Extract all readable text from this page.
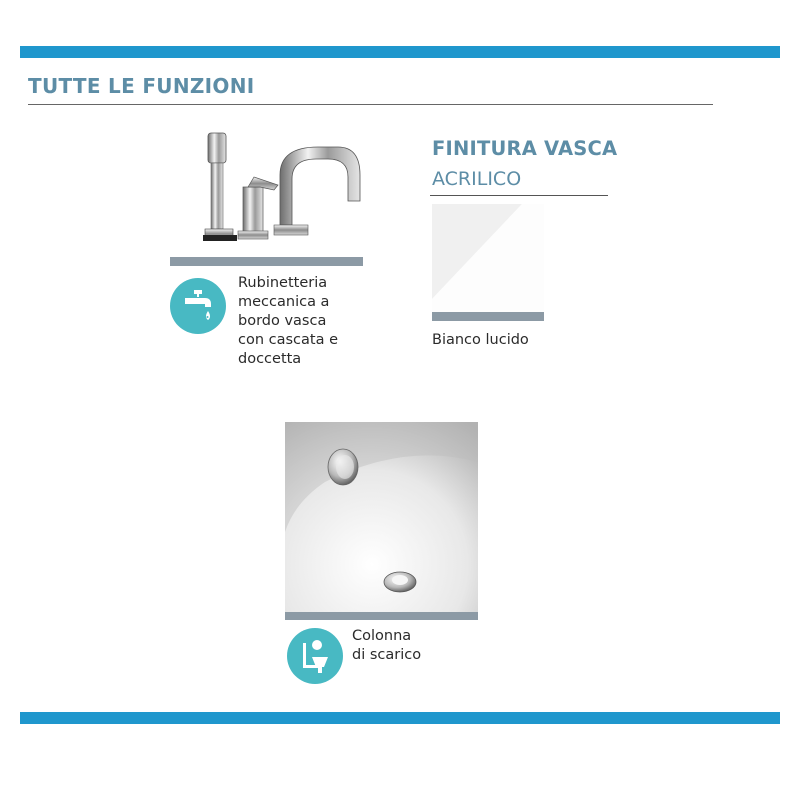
TUTTE LE FUNZIONI

Rubinetteria
meccanica a
bordo vasca
con cascata e
doccetta

FINITURA VASCA
ACRILICO

Bianco lucido

Colonna
di scarico
